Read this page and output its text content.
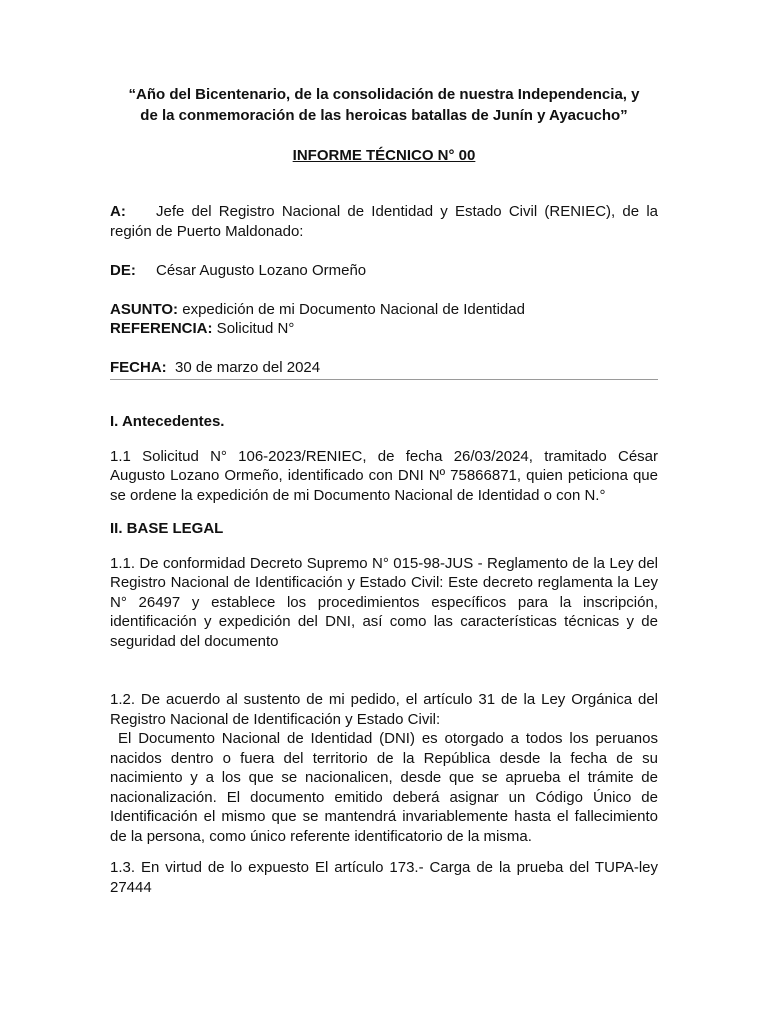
“Año del Bicentenario, de la consolidación de nuestra Independencia, y
de la conmemoración de las heroicas batallas de Junín y Ayacucho”

INFORME TÉCNICO N° 00

A: Jefe del Registro Nacional de Identidad y Estado Civil (RENIEC), de la región de Puerto Maldonado:

DE: César Augusto Lozano Ormeño

ASUNTO: expedición de mi Documento Nacional de Identidad
REFERENCIA: Solicitud N°

FECHA:  30 de marzo del 2024

I. Antecedentes.

1.1 Solicitud N° 106-2023/RENIEC, de fecha 26/03/2024, tramitado César Augusto Lozano Ormeño, identificado con DNI Nº 75866871, quien peticiona que se ordene la expedición de mi Documento Nacional de Identidad o con N.°

II. BASE LEGAL

1.1. De conformidad Decreto Supremo N° 015-98-JUS - Reglamento de la Ley del Registro Nacional de Identificación y Estado Civil: Este decreto reglamenta la Ley N° 26497 y establece los procedimientos específicos para la inscripción, identificación y expedición del DNI, así como las características técnicas y de seguridad del documento

1.2. De acuerdo al sustento de mi pedido, el artículo 31 de la Ley Orgánica del Registro Nacional de Identificación y Estado Civil:

El Documento Nacional de Identidad (DNI) es otorgado a todos los peruanos nacidos dentro o fuera del territorio de la República desde la fecha de su nacimiento y a los que se nacionalicen, desde que se aprueba el trámite de nacionalización. El documento emitido deberá asignar un Código Único de Identificación el mismo que se mantendrá invariablemente hasta el fallecimiento de la persona, como único referente identificatorio de la misma.

1.3. En virtud de lo expuesto El artículo 173.- Carga de la prueba del TUPA-ley 27444
